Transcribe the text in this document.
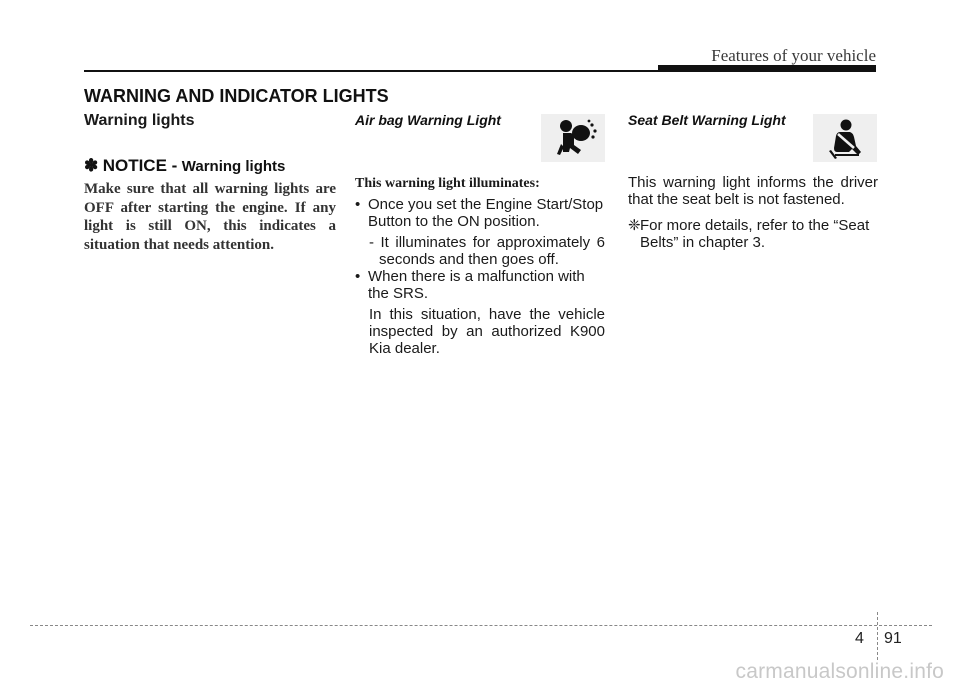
Features of your vehicle
WARNING AND INDICATOR LIGHTS
Warning lights
✽ NOTICE - Warning lights
Make sure that all warning lights are OFF after starting the engine. If any light is still ON, this indicates a situation that needs attention.
Air bag Warning Light
This warning light illuminates:
• Once you set the Engine Start/Stop Button to the ON position.
- It illuminates for approximately 6 seconds and then goes off.
• When there is a malfunction with the SRS.
In this situation, have the vehicle inspected by an authorized K900 Kia dealer.
Seat Belt Warning Light
This warning light informs the driver that the seat belt is not fastened.
❈ For more details, refer to the “Seat Belts” in chapter 3.
4 91
carmanualsonline.info
